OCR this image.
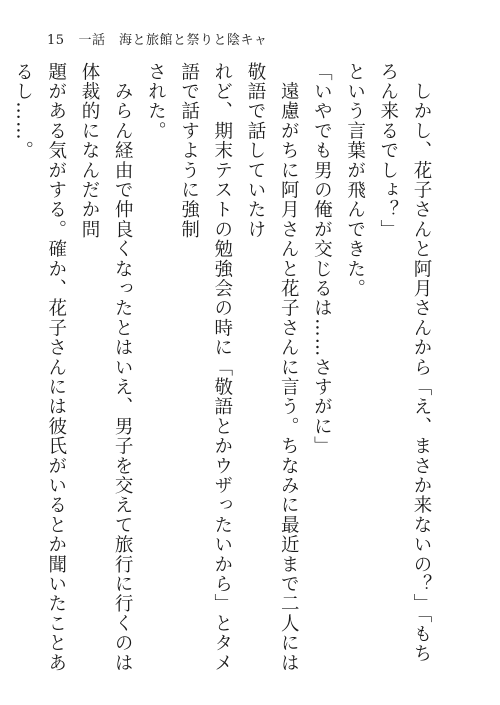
15 一話　海と旅館と祭りと陰キャ

　しかし、花子さんと阿月さんから「え、まさか来ないの？」「もちろん来るでしょ？」

という言葉が飛んできた。

「いやでも男の俺が交じるは……さすがに」

　遠慮がちに阿月さんと花子さんに言う。ちなみに最近まで二人には敬語で話していたけ

れど、期末テストの勉強会の時に「敬語とかウザったいから」とタメ語で話すように強制

された。

　みらん経由で仲良くなったとはいえ、男子を交えて旅行に行くのは体裁的になんだか問

題がある気がする。確か、花子さんには彼氏がいるとか聞いたことあるし……。
